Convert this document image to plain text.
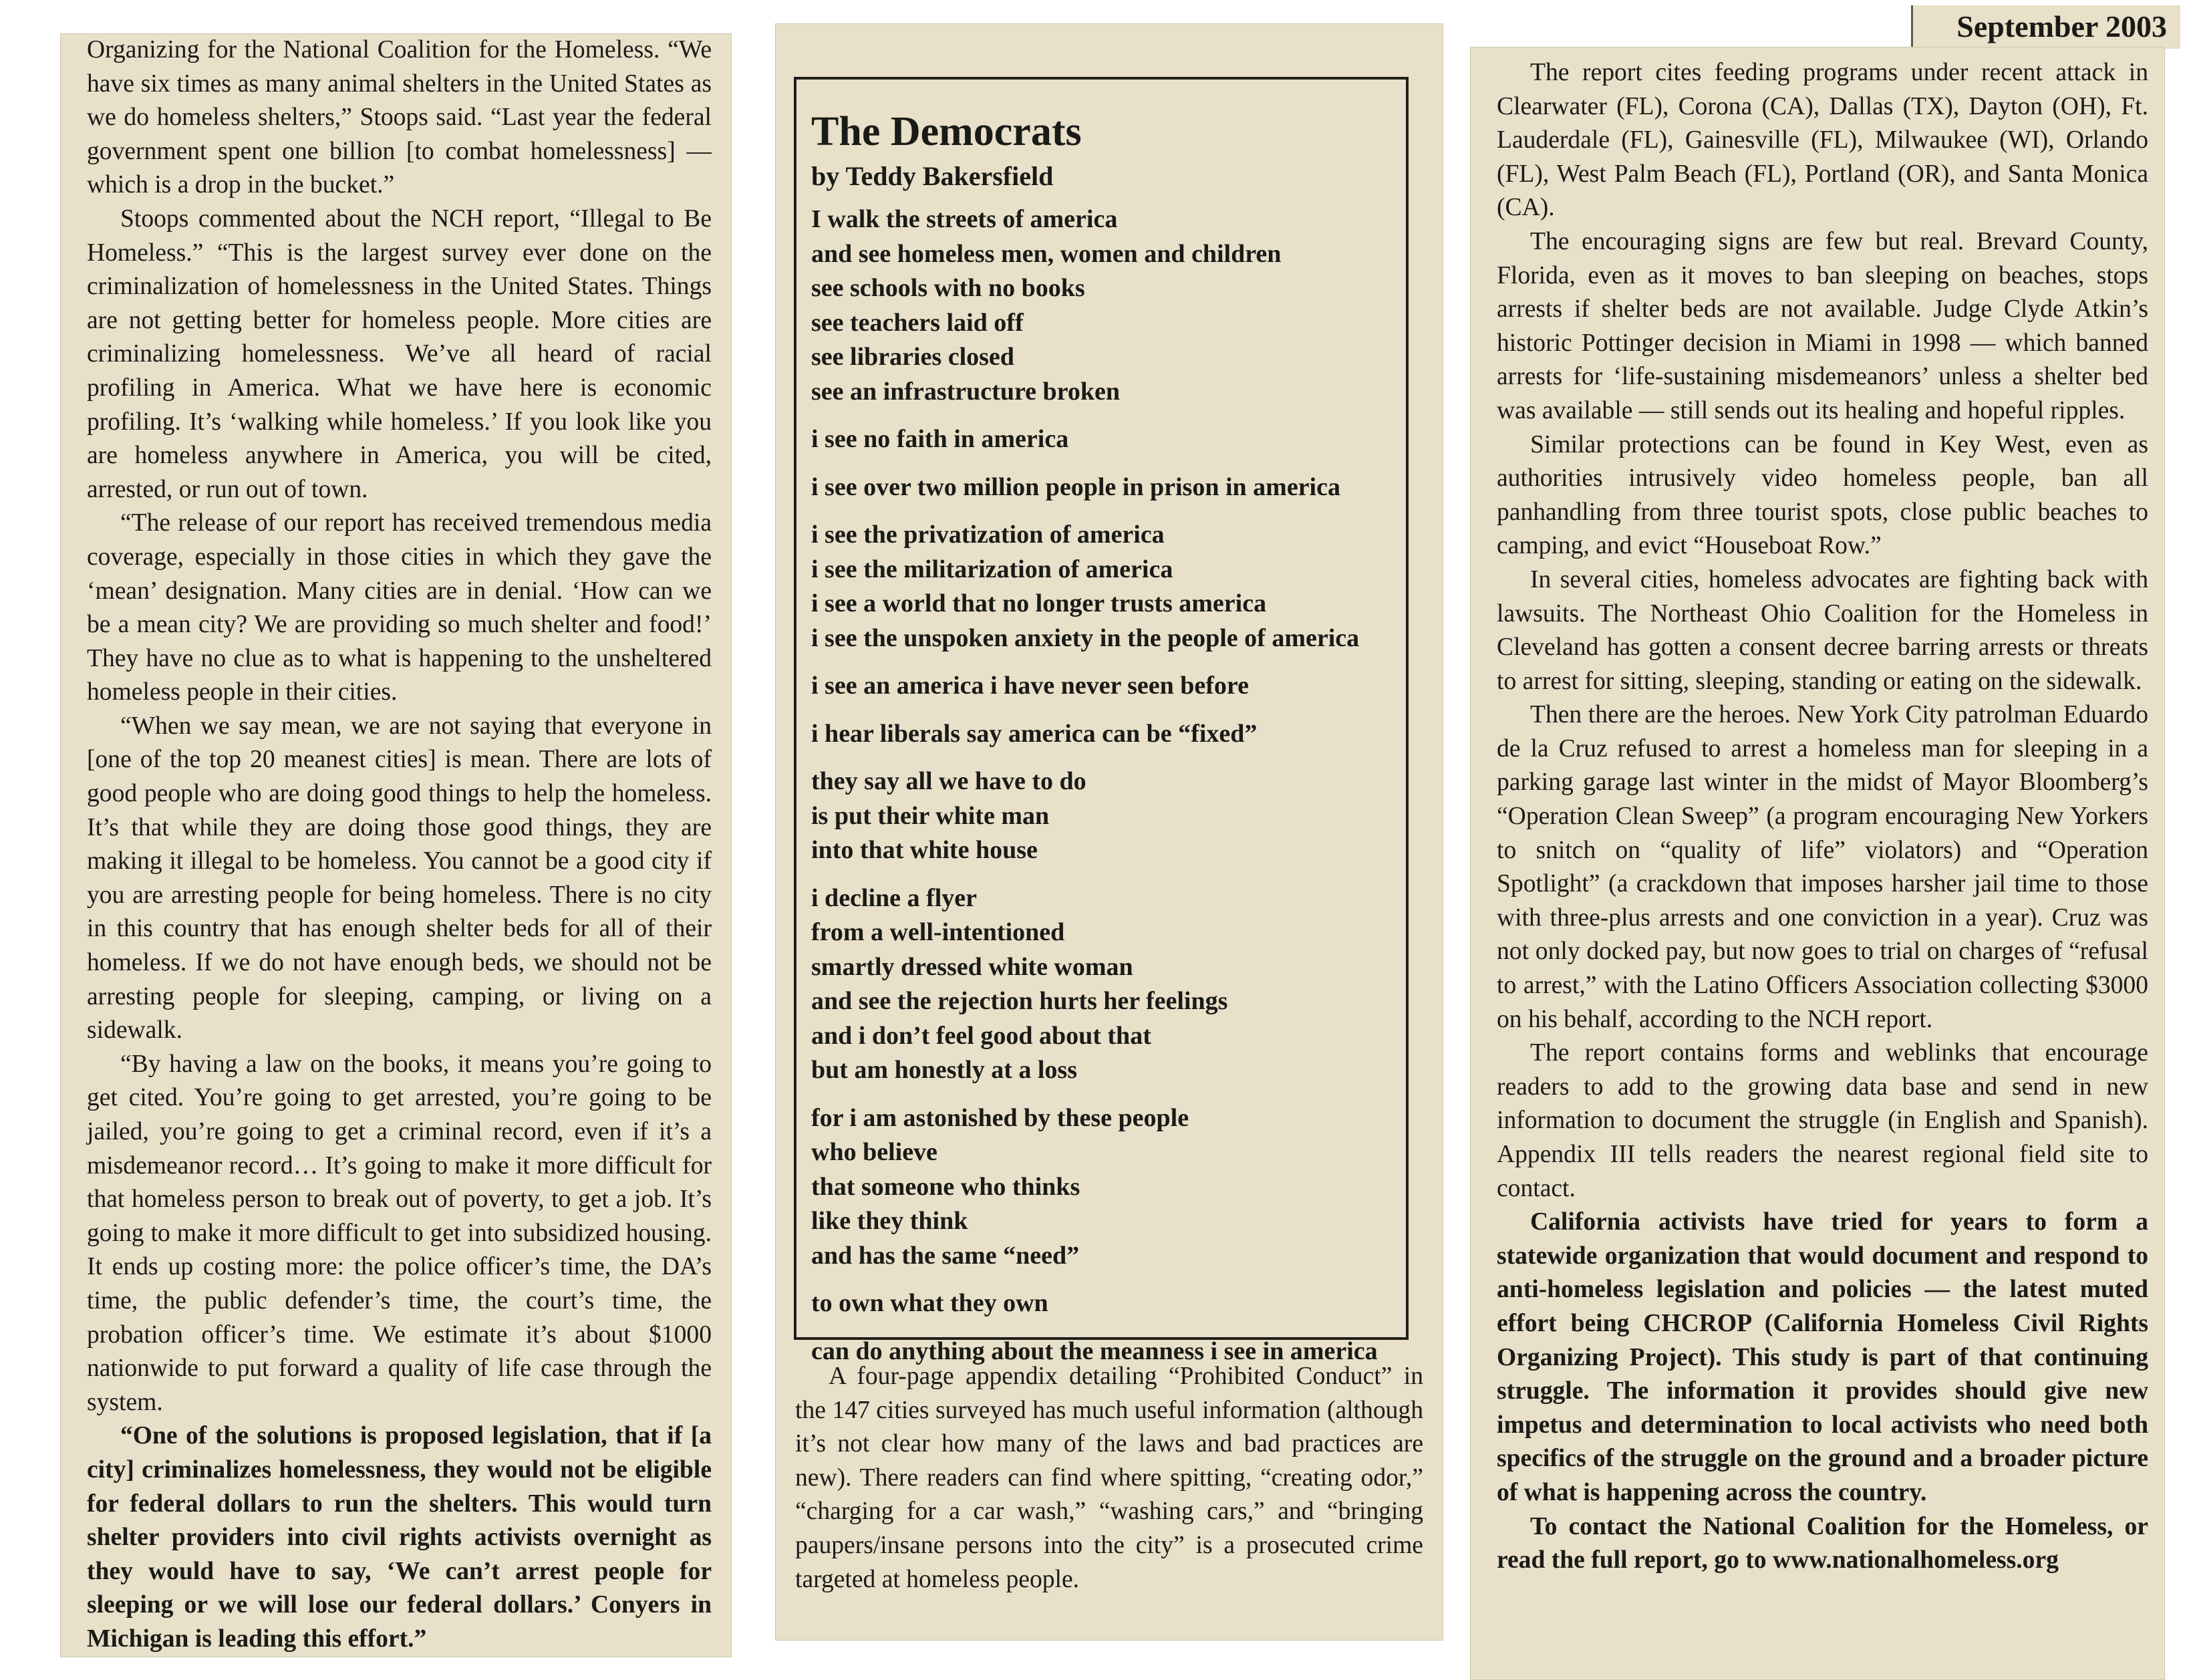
September 2003

Organizing for the National Coalition for the Homeless. “We have six times as many animal shelters in the United States as we do homeless shelters,” Stoops said. “Last year the federal government spent one billion [to combat homelessness] — which is a drop in the bucket.”

Stoops commented about the NCH report, “Illegal to Be Homeless.” “This is the largest survey ever done on the criminalization of homelessness in the United States. Things are not getting better for homeless people. More cities are criminalizing homelessness. We’ve all heard of racial profiling in America. What we have here is economic profiling. It’s ‘walking while homeless.’ If you look like you are homeless anywhere in America, you will be cited, arrested, or run out of town.

“The release of our report has received tremendous media coverage, especially in those cities in which they gave the ‘mean’ designation. Many cities are in denial. ‘How can we be a mean city? We are providing so much shelter and food!’ They have no clue as to what is happening to the unsheltered homeless people in their cities.

“When we say mean, we are not saying that everyone in [one of the top 20 meanest cities] is mean. There are lots of good people who are doing good things to help the homeless. It’s that while they are doing those good things, they are making it illegal to be homeless. You cannot be a good city if you are arresting people for being homeless. There is no city in this country that has enough shelter beds for all of their homeless. If we do not have enough beds, we should not be arresting people for sleeping, camping, or living on a sidewalk.

“By having a law on the books, it means you’re going to get cited. You’re going to get arrested, you’re going to be jailed, you’re going to get a criminal record, even if it’s a misdemeanor record… It’s going to make it more difficult for that homeless person to break out of poverty, to get a job. It’s going to make it more difficult to get into subsidized housing. It ends up costing more: the police officer’s time, the DA’s time, the public defender’s time, the court’s time, the probation officer’s time. We estimate it’s about $1000 nationwide to put forward a quality of life case through the system.

“One of the solutions is proposed legislation, that if [a city] criminalizes homelessness, they would not be eligible for federal dollars to run the shelters. This would turn shelter providers into civil rights activists overnight as they would have to say, ‘We can’t arrest people for sleeping or we will lose our federal dollars.’ Conyers in Michigan is leading this effort.”

The Democrats
by Teddy Bakersfield
I walk the streets of america
and see homeless men, women and children
see schools with no books
see teachers laid off
see libraries closed
see an infrastructure broken
i see no faith in america
i see over two million people in prison in america
i see the privatization of america
i see the militarization of america
i see a world that no longer trusts america
i see the unspoken anxiety in the people of america
i see an america i have never seen before
i hear liberals say america can be “fixed”
they say all we have to do
is put their white man
into that white house
i decline a flyer
from a well-intentioned
smartly dressed white woman
and see the rejection hurts her feelings
and i don’t feel good about that
but am honestly at a loss
for i am astonished by these people
who believe
that someone who thinks
like they think
and has the same “need”
to own what they own
can do anything about the meanness i see in america

A four-page appendix detailing “Prohibited Conduct” in the 147 cities surveyed has much useful information (although it’s not clear how many of the laws and bad practices are new). There readers can find where spitting, “creating odor,” “charging for a car wash,” “washing cars,” and “bringing paupers/insane persons into the city” is a prosecuted crime targeted at homeless people.

The report cites feeding programs under recent attack in Clearwater (FL), Corona (CA), Dallas (TX), Dayton (OH), Ft. Lauderdale (FL), Gainesville (FL), Milwaukee (WI), Orlando (FL), West Palm Beach (FL), Portland (OR), and Santa Monica (CA).

The encouraging signs are few but real. Brevard County, Florida, even as it moves to ban sleeping on beaches, stops arrests if shelter beds are not available. Judge Clyde Atkin’s historic Pottinger decision in Miami in 1998 — which banned arrests for ‘life-sustaining misdemeanors’ unless a shelter bed was available — still sends out its healing and hopeful ripples.

Similar protections can be found in Key West, even as authorities intrusively video homeless people, ban all panhandling from three tourist spots, close public beaches to camping, and evict “Houseboat Row.”

In several cities, homeless advocates are fighting back with lawsuits. The Northeast Ohio Coalition for the Homeless in Cleveland has gotten a consent decree barring arrests or threats to arrest for sitting, sleeping, standing or eating on the sidewalk.

Then there are the heroes. New York City patrolman Eduardo de la Cruz refused to arrest a homeless man for sleeping in a parking garage last winter in the midst of Mayor Bloomberg’s “Operation Clean Sweep” (a program encouraging New Yorkers to snitch on “quality of life” violators) and “Operation Spotlight” (a crackdown that imposes harsher jail time to those with three-plus arrests and one conviction in a year). Cruz was not only docked pay, but now goes to trial on charges of “refusal to arrest,” with the Latino Officers Association collecting $3000 on his behalf, according to the NCH report.

The report contains forms and weblinks that encourage readers to add to the growing data base and send in new information to document the struggle (in English and Spanish). Appendix III tells readers the nearest regional field site to contact.

California activists have tried for years to form a statewide organization that would document and respond to anti-homeless legislation and policies — the latest muted effort being CHCROP (California Homeless Civil Rights Organizing Project). This study is part of that continuing struggle. The information it provides should give new impetus and determination to local activists who need both specifics of the struggle on the ground and a broader picture of what is happening across the country.

To contact the National Coalition for the Homeless, or read the full report, go to www.nationalhomeless.org
